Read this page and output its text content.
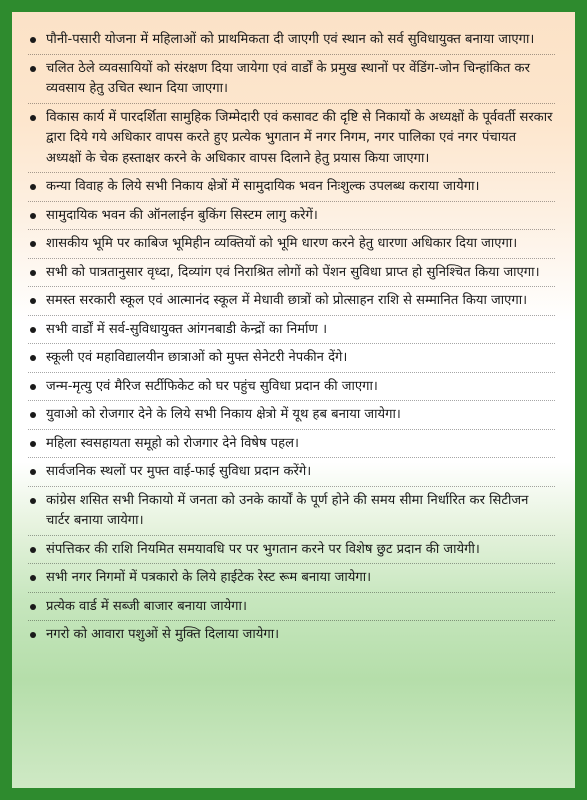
पौनी-पसारी योजना में महिलाओं को प्राथमिकता दी जाएगी एवं स्थान को सर्व सुविधायुक्त बनाया जाएगा।
चलित ठेले व्यवसायियों को संरक्षण दिया जायेगा एवं वार्डों के प्रमुख स्थानों पर वेंडिंग-जोन चिन्हांकित कर व्यवसाय हेतु उचित स्थान दिया जाएगा।
विकास कार्य में पारदर्शिता सामुहिक जिम्मेदारी एवं कसावट की दृष्टि से निकायों के अध्यक्षों के पूर्ववर्ती सरकार द्वारा दिये गये अधिकार वापस करते हुए प्रत्येक भुगतान में नगर निगम, नगर पालिका एवं नगर पंचायत अध्यक्षों के चेक हस्ताक्षर करने के अधिकार वापस दिलाने हेतु प्रयास किया जाएगा।
कन्या विवाह के लिये सभी निकाय क्षेत्रों में सामुदायिक भवन निःशुल्क उपलब्ध कराया जायेगा।
सामुदायिक भवन की ऑनलाईन बुकिंग सिस्टम लागु करेगें।
शासकीय भूमि पर काबिज भूमिहीन व्यक्तियों को भूमि धारण करने हेतु धारणा अधिकार दिया जाएगा।
सभी को पात्रतानुसार वृध्दा, दिव्यांग एवं निराश्रित लोगों को पेंशन सुविधा प्राप्त हो सुनिश्चित किया जाएगा।
समस्त सरकारी स्कूल एवं आत्मानंद स्कूल में मेधावी छात्रों को प्रोत्साहन राशि से सम्मानित किया जाएगा।
सभी वार्डों में सर्व-सुविधायुक्त आंगनबाडी केन्द्रों का निर्माण ।
स्कूली एवं महाविद्यालयीन छात्राओं को मुफ्त सेनेटरी नेपकीन देंगे।
जन्म-मृत्यु एवं मैरिज सर्टीफिकेट को घर पहुंच सुविधा प्रदान की जाएगा।
युवाओ को रोजगार देने के लिये सभी निकाय क्षेत्रो में यूथ हब बनाया जायेगा।
महिला स्वसहायता समूहो को रोजगार देने विषेष पहल।
सार्वजनिक स्थलों पर मुफ्त वाई-फाई सुविधा प्रदान करेंगे।
कांग्रेस शसित सभी निकायो में जनता को उनके कार्यों के पूर्ण होने की समय सीमा निर्धारित कर सिटीजन चार्टर बनाया जायेगा।
संपत्तिकर की राशि नियमित समयावधि पर पर भुगतान करने पर विशेष छुट प्रदान की जायेगी।
सभी नगर निगमों में पत्रकारो के लिये हाईटेक रेस्ट रूम बनाया जायेगा।
प्रत्येक वार्ड में सब्जी बाजार बनाया जायेगा।
नगरो को आवारा पशुओं से मुक्ति दिलाया जायेगा।
